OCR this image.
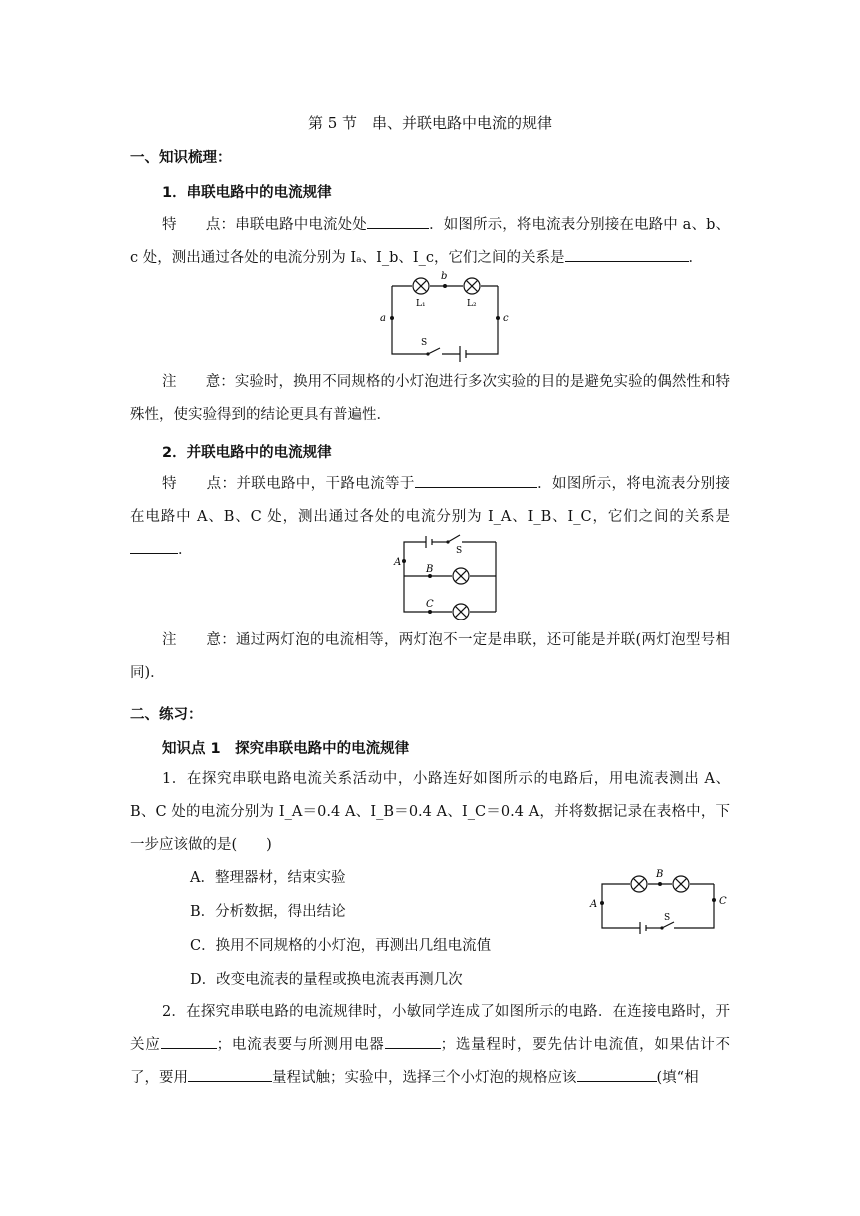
第 5 节　串、并联电路中电流的规律
一、知识梳理：
1．串联电路中的电流规律
特　　点：串联电路中电流处处	．如图所示，将电流表分别接在电路中 a、b、c 处，测出通过各处的电流分别为 Iₐ、I_b、I_c，它们之间的关系是	．
b
a	c
L₁	L₂
S
注　　意：实验时，换用不同规格的小灯泡进行多次实验的目的是避免实验的偶然性和特殊性，使实验得到的结论更具有普遍性．
2．并联电路中的电流规律
特　　点：并联电路中，干路电流等于	．如图所示，将电流表分别接在电路中 A、B、C 处，测出通过各处的电流分别为 I_A、I_B、I_C，它们之间的关系是．
A
B
C
S
注　　意：通过两灯泡的电流相等，两灯泡不一定是串联，还可能是并联(两灯泡型号相同)．
二、练习：
知识点 1　探究串联电路中的电流规律
1．在探究串联电路电流关系活动中，小路连好如图所示的电路后，用电流表测出 A、B、C 处的电流分别为 I_A＝0.4 A、I_B＝0.4 A、I_C＝0.4 A，并将数据记录在表格中，下一步应该做的是(　　)
A．整理器材，结束实验
B．分析数据，得出结论
C．换用不同规格的小灯泡，再测出几组电流值
D．改变电流表的量程或换电流表再测几次
B
A	C
S
2．在探究串联电路的电流规律时，小敏同学连成了如图所示的电路．在连接电路时，开关应	；电流表要与所测用电器	；选量程时，要先估计电流值，如果估计不了，要用	量程试触；实验中，选择三个小灯泡的规格应该	(填“相
